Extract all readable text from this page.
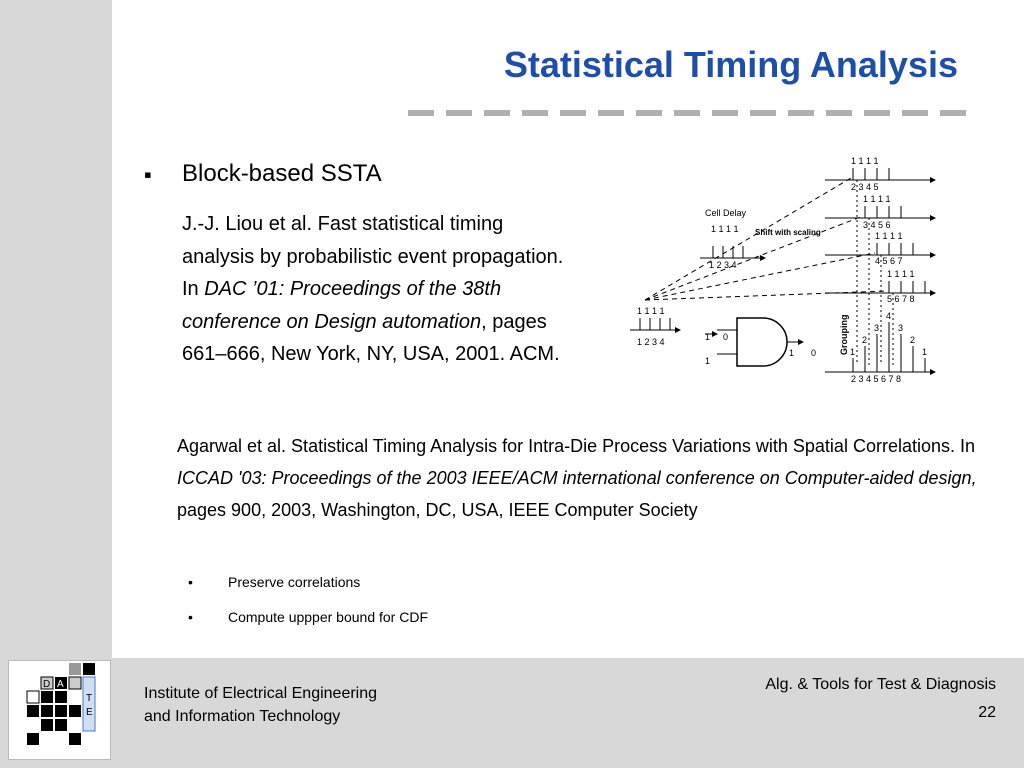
Statistical Timing Analysis
▪ Block-based SSTA
J.-J. Liou et al. Fast statistical timing analysis by probabilistic event propagation. In DAC ’01: Proceedings of the 38th conference on Design automation, pages 661–666, New York, NY, USA, 2001. ACM.
Agarwal et al. Statistical Timing Analysis for Intra-Die Process Variations with Spatial Correlations. In ICCAD '03: Proceedings of the 2003 IEEE/ACM international conference on Computer-aided design, pages 900, 2003, Washington, DC, USA, IEEE Computer Society
•	Preserve correlations
•	Compute uppper bound for CDF
Cell Delay
Shift with scaling
1 1 1 1
1 2 3 4
1 1 1 1
1 2 3 4	1 0
1
1 0
1 1 1 1
2 3 4 5
1 1 1 1
3 4 5 6
1 1 1 1
4 5 6 7
1 1 1 1
5 6 7 8
1
2
3
4
3
2
1
2 3 4 5 6 7 8
Grouping
D A
T
E
Institute of Electrical Engineering
and Information Technology
Alg. & Tools for Test & Diagnosis
22
